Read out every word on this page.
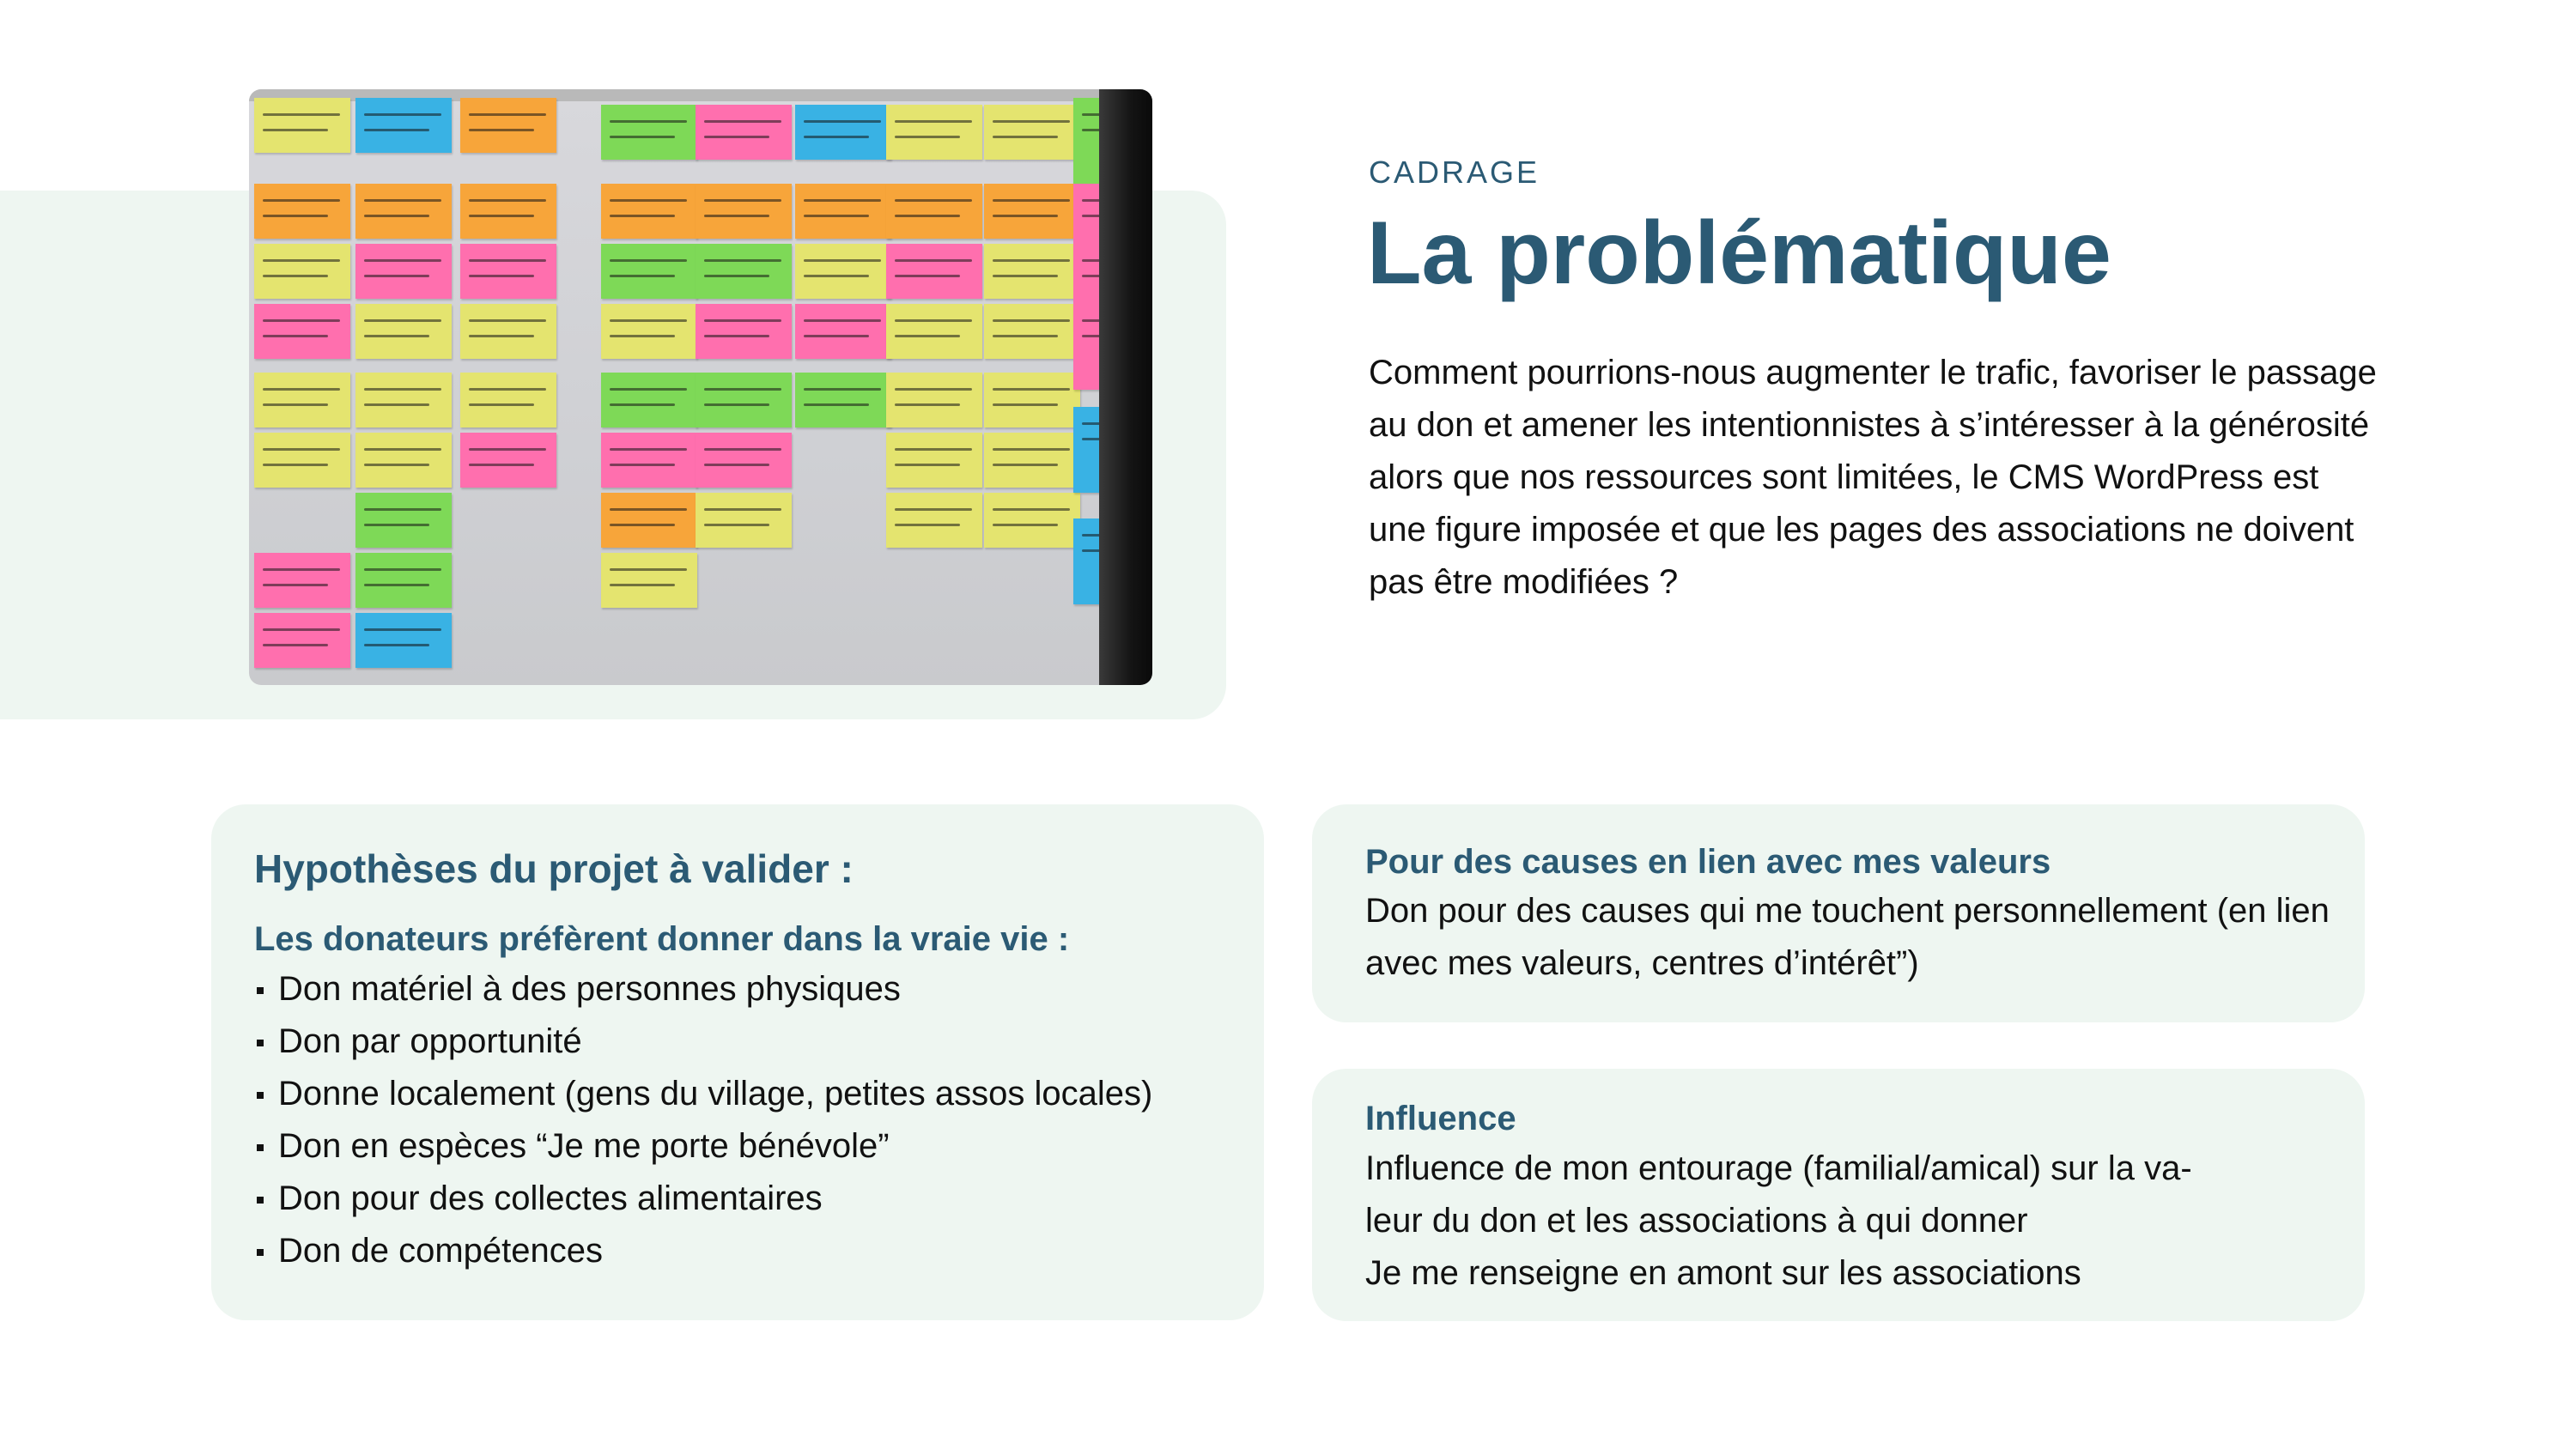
CADRAGE
La problématique

Comment pourrions-nous augmenter le trafic, favoriser le passage au don et amener les intentionnistes à s’intéresser à la générosité alors que nos ressources sont limitées, le CMS WordPress est une figure imposée et que les pages des associations ne doivent pas être modifiées ?

Hypothèses du projet à valider :
Les donateurs préfèrent donner dans la vraie vie :
Don matériel à des personnes physiques
Don par opportunité
Donne localement (gens du village, petites assos locales)
Don en espèces “Je me porte bénévole”
Don pour des collectes alimentaires
Don de compétences
Pour des causes en lien avec mes valeurs

Don pour des causes qui me touchent personnellement (en lien avec mes valeurs, centres d’intérêt”)

Influence

Influence de mon entourage (familial/amical) sur la va-

leur du don et les associations à qui donner

Je me renseigne en amont sur les associations
